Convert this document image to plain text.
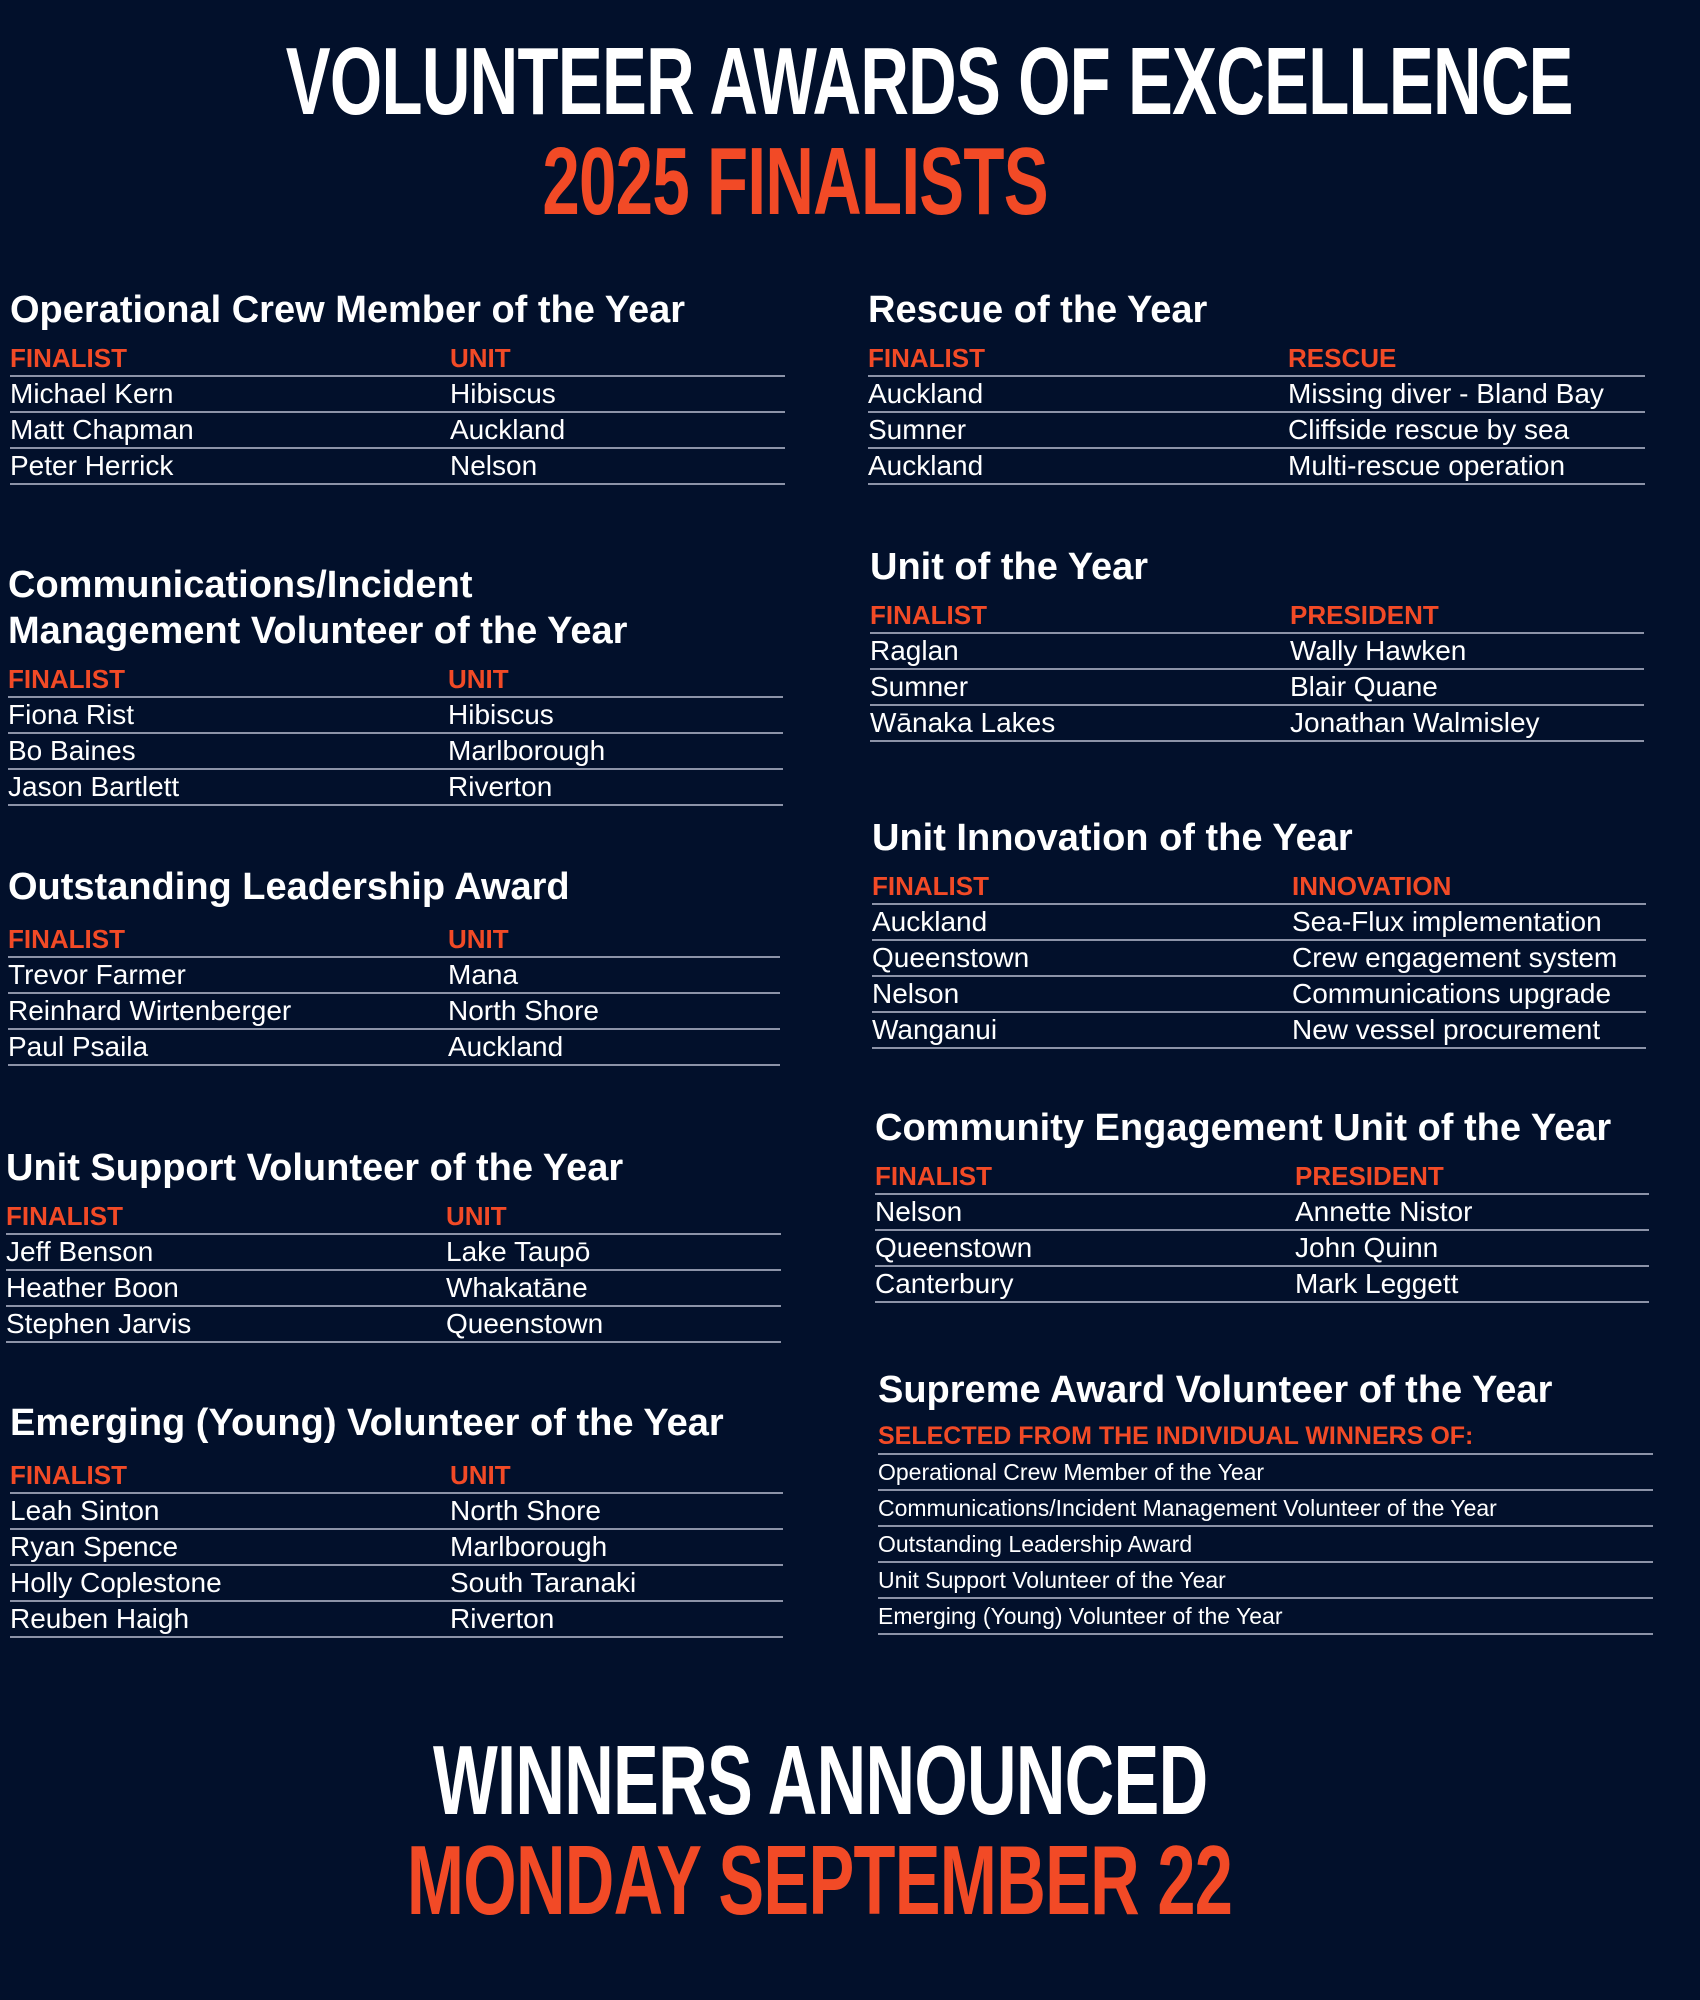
VOLUNTEER AWARDS OF EXCELLENCE
2025 FINALISTS
Operational Crew Member of the Year
FINALIST	UNIT
Michael Kern	Hibiscus
Matt Chapman	Auckland
Peter Herrick	Nelson
Communications/Incident
Management Volunteer of the Year
FINALIST	UNIT
Fiona Rist	Hibiscus
Bo Baines	Marlborough
Jason Bartlett	Riverton
Outstanding Leadership Award
FINALIST	UNIT
Trevor Farmer	Mana
Reinhard Wirtenberger	North Shore
Paul Psaila	Auckland
Unit Support Volunteer of the Year
FINALIST	UNIT
Jeff Benson	Lake Taupō
Heather Boon	Whakatāne
Stephen Jarvis	Queenstown
Emerging (Young) Volunteer of the Year
FINALIST	UNIT
Leah Sinton	North Shore
Ryan Spence	Marlborough
Holly Coplestone	South Taranaki
Reuben Haigh	Riverton
Rescue of the Year
FINALIST	RESCUE
Auckland	Missing diver - Bland Bay
Sumner	Cliffside rescue by sea
Auckland	Multi-rescue operation
Unit of the Year
FINALIST	PRESIDENT
Raglan	Wally Hawken
Sumner	Blair Quane
Wānaka Lakes	Jonathan Walmisley
Unit Innovation of the Year
FINALIST	INNOVATION
Auckland	Sea-Flux implementation
Queenstown	Crew engagement system
Nelson	Communications upgrade
Wanganui	New vessel procurement
Community Engagement Unit of the Year
FINALIST	PRESIDENT
Nelson	Annette Nistor
Queenstown	John Quinn
Canterbury	Mark Leggett
Supreme Award Volunteer of the Year
SELECTED FROM THE INDIVIDUAL WINNERS OF:
Operational Crew Member of the Year
Communications/Incident Management Volunteer of the Year
Outstanding Leadership Award
Unit Support Volunteer of the Year
Emerging (Young) Volunteer of the Year
WINNERS ANNOUNCED
MONDAY SEPTEMBER 22
